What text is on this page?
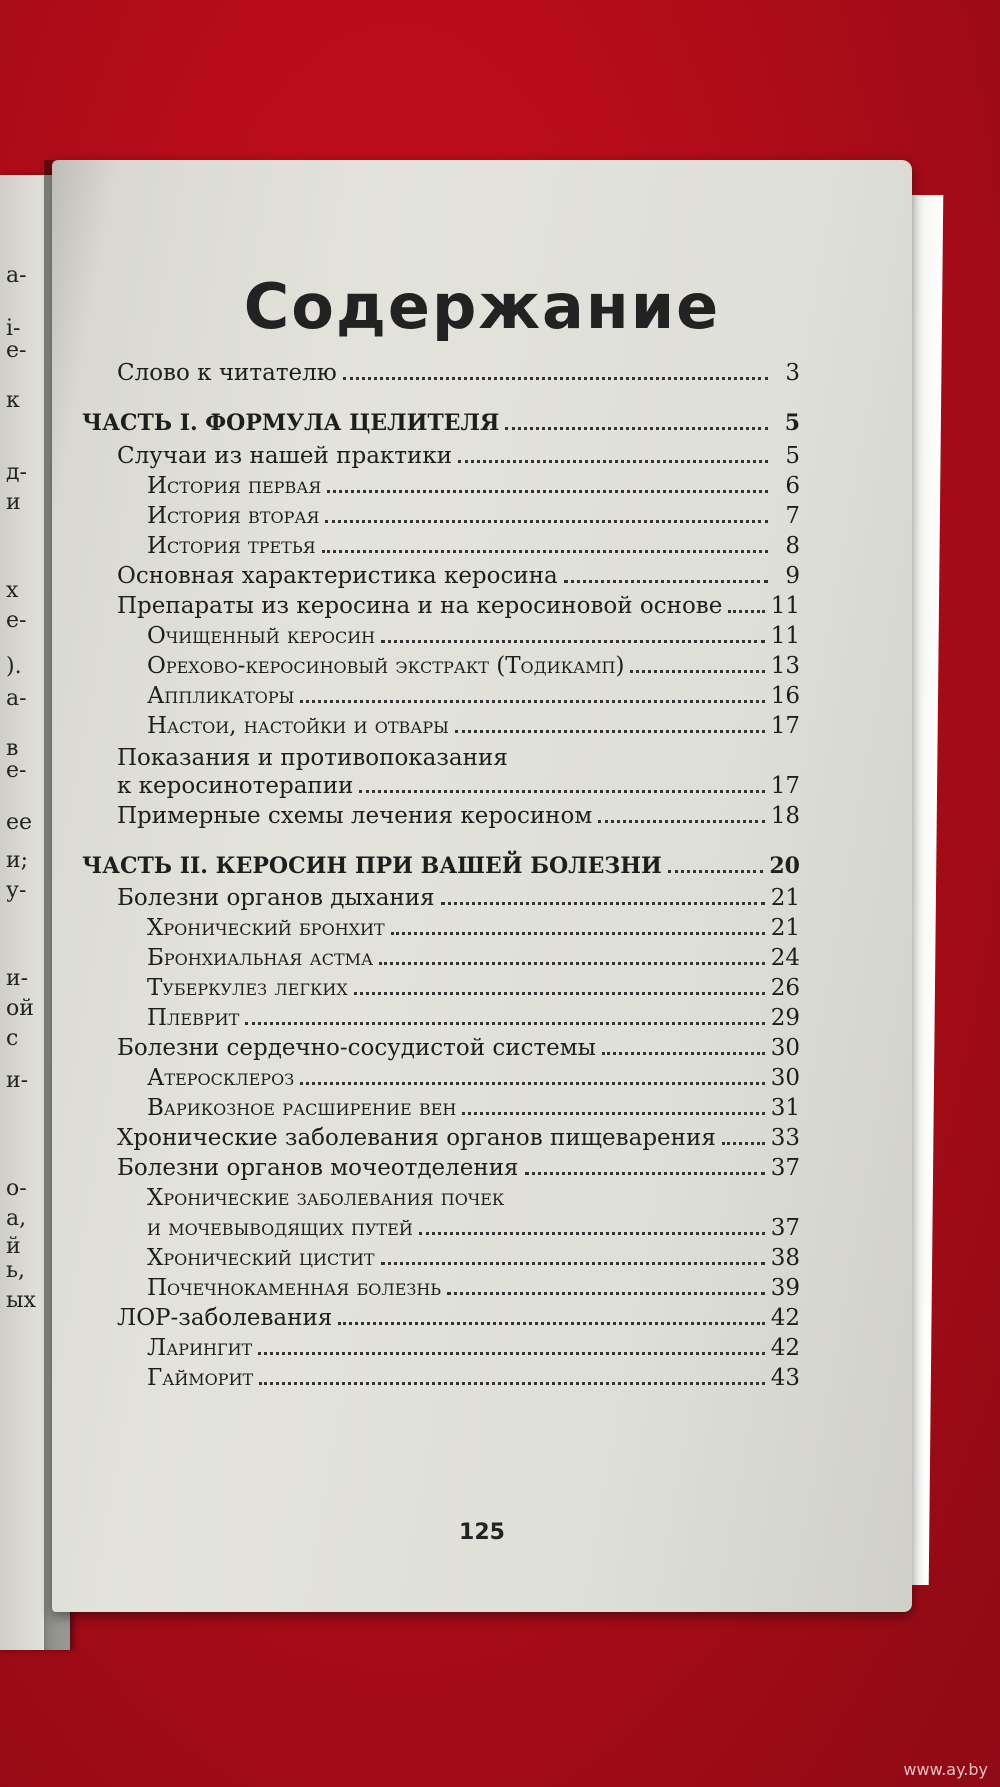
а-
і-
е-
к
д-
и
х
е-
).
а-
в
е-
ее
и;
у-
и-
ой
с
и-
о-
а,
й
ь,
ых
Содержание
Слово к читателю	3
ЧАСТЬ I. ФОРМУЛА ЦЕЛИТЕЛЯ	5
Случаи из нашей практики	5
История первая	6
История вторая	7
История третья	8
Основная характеристика керосина	9
Препараты из керосина и на керосиновой основе 11
Очищенный керосин	11
Орехово-керосиновый экстракт (Тодикамп)	13
Аппликаторы	16
Настои, настойки и отвары	17
Показания и противопоказания
к керосинотерапии	17
Примерные схемы лечения керосином	18
ЧАСТЬ II. КЕРОСИН ПРИ ВАШЕЙ БОЛЕЗНИ	20
Болезни органов дыхания	21
Хронический бронхит	21
Бронхиальная астма	24
Туберкулез легких	26
Плеврит	29
Болезни сердечно-сосудистой системы	30
Атеросклероз	30
Варикозное расширение вен	31
Хронические заболевания органов пищеварения 33
Болезни органов мочеотделения	37
Хронические заболевания почек
и мочевыводящих путей	37
Хронический цистит	38
Почечнокаменная болезнь	39
ЛОР-заболевания	42
Ларингит	42
Гайморит	43
125
www.ay.by
